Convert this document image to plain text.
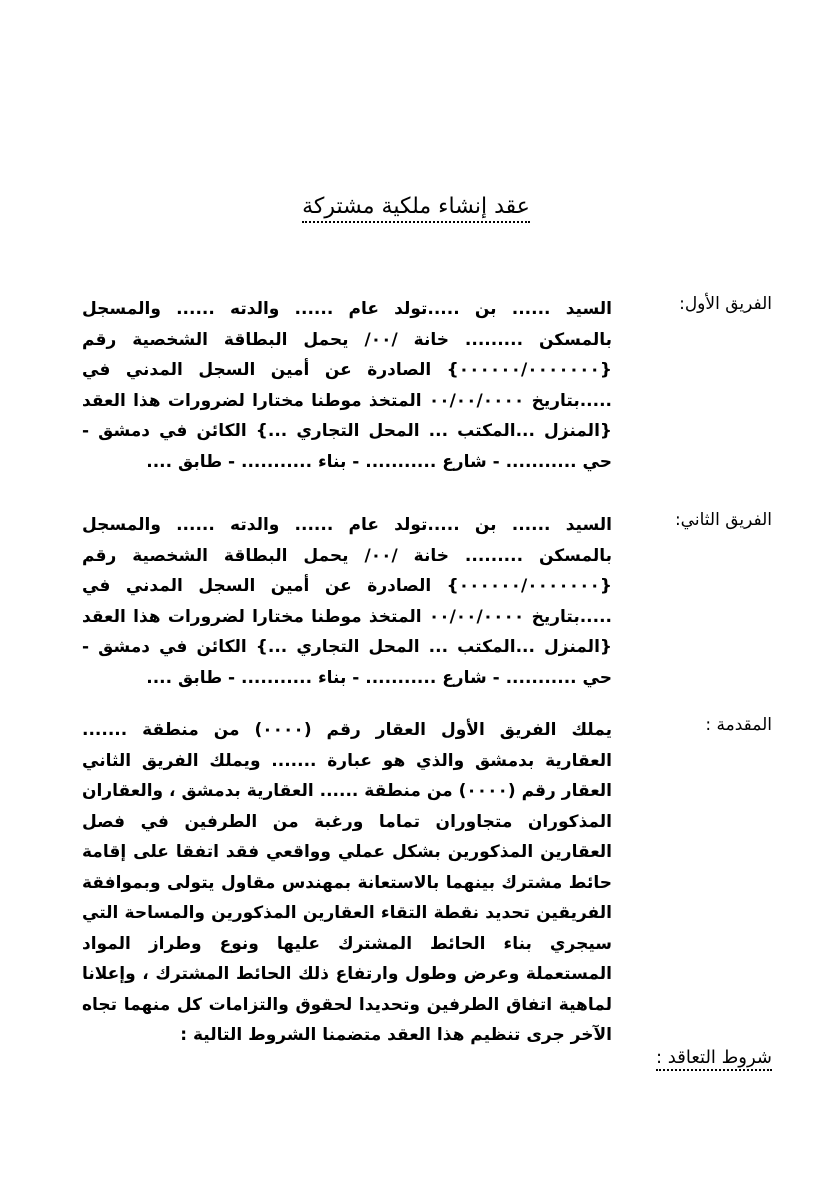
عقد إنشاء ملكية مشتركة
الفريق الأول:
السيد ...... بن .....تولد عام ...... والدته ...... والمسجل بالمسكن ......... خانة /٠٠/ يحمل البطاقة الشخصية رقم {٠٠٠٠٠٠/٠٠٠٠٠٠٠} الصادرة عن أمين السجل المدني في .....بتاريخ ٠٠/٠٠/٠٠٠٠ المتخذ موطنا مختارا لضرورات هذا العقد {المنزل ...المكتب ... المحل التجاري ...} الكائن في دمشق - حي ........... - شارع ........... - بناء ........... - طابق ....
الفريق الثاني:
السيد ...... بن .....تولد عام ...... والدته ...... والمسجل بالمسكن ......... خانة /٠٠/ يحمل البطاقة الشخصية رقم {٠٠٠٠٠٠/٠٠٠٠٠٠٠} الصادرة عن أمين السجل المدني في .....بتاريخ ٠٠/٠٠/٠٠٠٠ المتخذ موطنا مختارا لضرورات هذا العقد {المنزل ...المكتب ... المحل التجاري ...} الكائن في دمشق - حي ........... - شارع ........... - بناء ........... - طابق ....
المقدمة :
يملك الفريق الأول العقار رقم (٠٠٠٠) من منطقة ....... العقارية بدمشق والذي هو عبارة ....... ويملك الفريق الثاني العقار رقم (٠٠٠٠) من منطقة ...... العقارية بدمشق ، والعقاران المذكوران متجاوران تماما ورغبة من الطرفين في فصل العقارين المذكورين بشكل عملي وواقعي فقد اتفقا على إقامة حائط مشترك بينهما بالاستعانة بمهندس مقاول يتولى وبموافقة الفريقين تحديد نقطة التقاء العقارين المذكورين والمساحة التي سيجري بناء الحائط المشترك عليها ونوع وطراز المواد المستعملة وعرض وطول وارتفاع ذلك الحائط المشترك ، وإعلانا لماهية اتفاق الطرفين وتحديدا لحقوق والتزامات كل منهما تجاه الآخر جرى تنظيم هذا العقد متضمنا الشروط التالية :
شروط التعاقد :
